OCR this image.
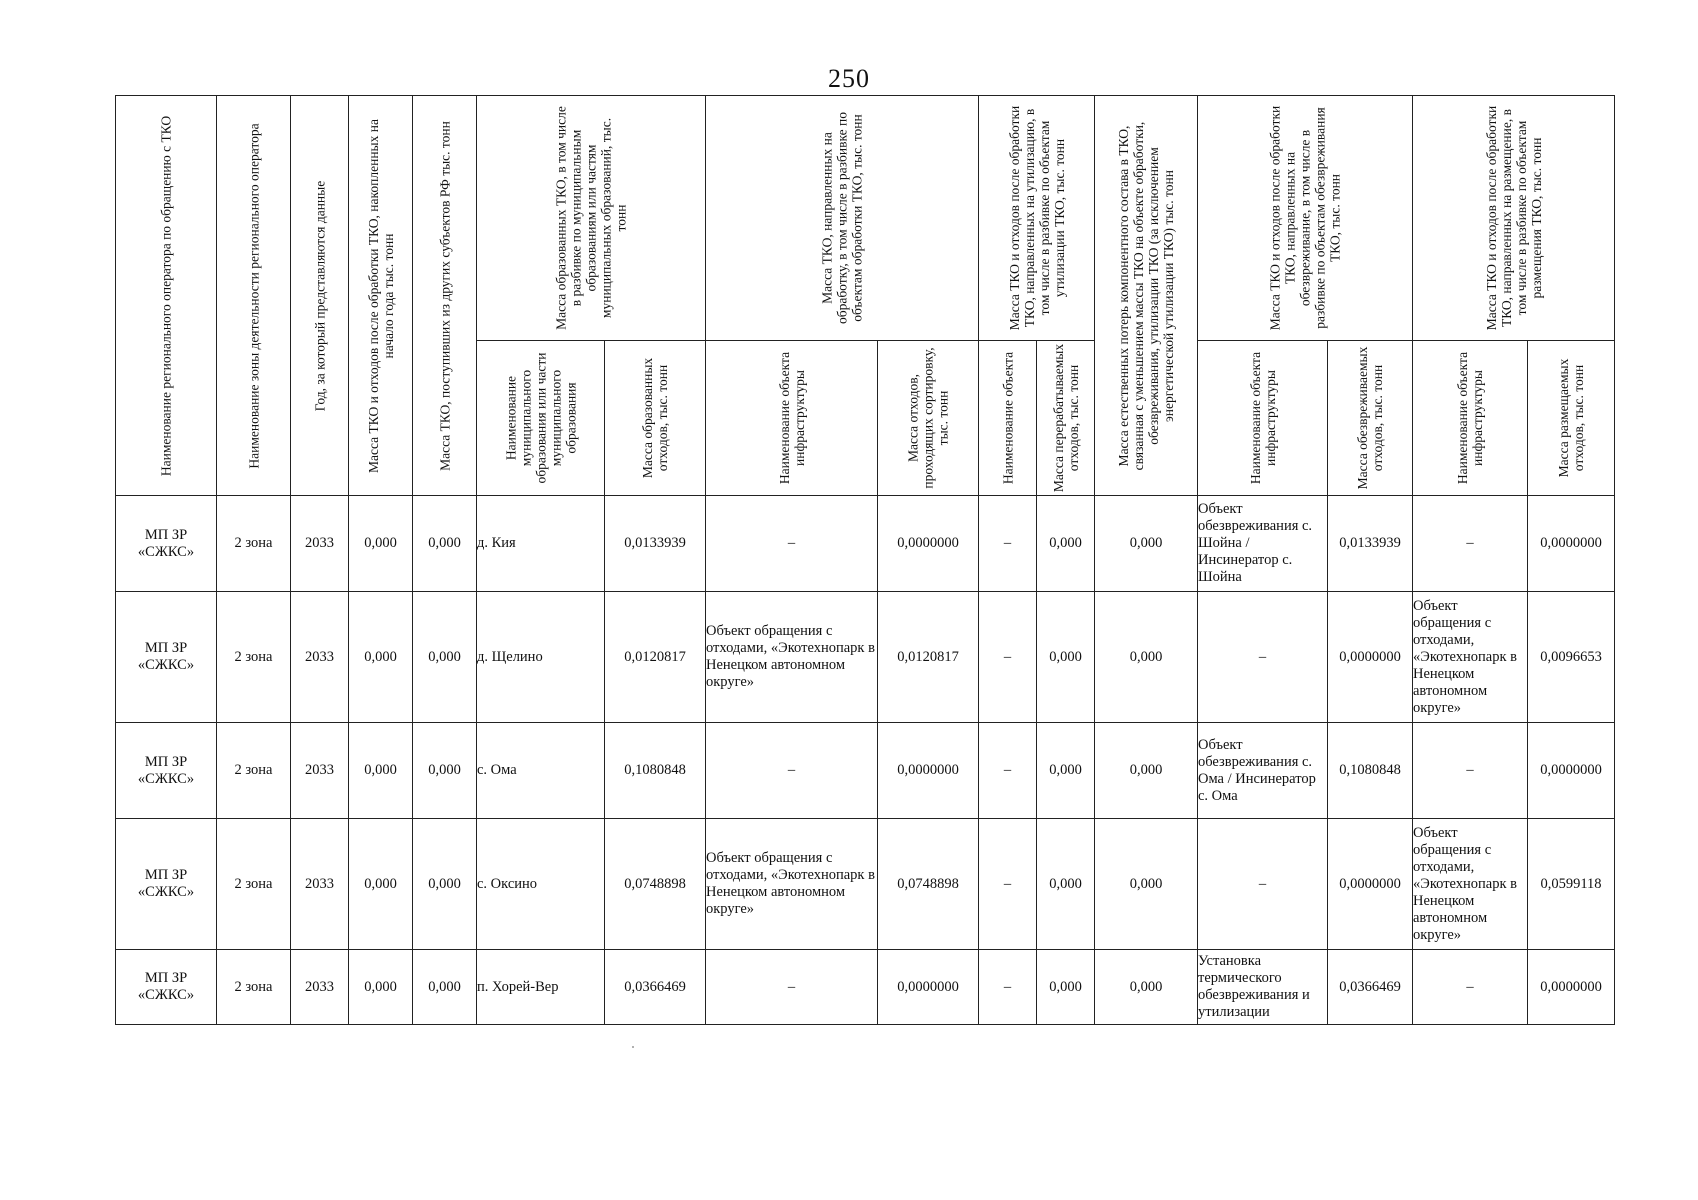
250
Наименование регионального оператора по обращению с ТКО	Наименование зоны деятельности регионального оператора	Год, за который представляются данные	Масса ТКО и отходов после обработки ТКО, накопленных на начало года тыс. тонн	Масса ТКО, поступивших из других субъектов РФ тыс. тонн	Масса образованных ТКО, в том числе в разбивке по муниципальным образованиям или частям муниципальных образований, тыс. тонн		Масса ТКО, направленных на обработку, в том числе в разбивке по объектам обработки ТКО, тыс. тонн		Масса ТКО и отходов после обработки ТКО, направленных на утилизацию, в том числе в разбивке по объектам утилизации ТКО, тыс. тонн		Масса естественных потерь компонентного состава в ТКО, связанная с уменьшением массы ТКО на объекте обработки, обезвреживания, утилизации ТКО (за исключением энергетической утилизации ТКО) тыс. тонн	Масса ТКО и отходов после обработки ТКО, направленных на обезвреживание, в том числе в разбивке по объектам обезвреживания ТКО, тыс. тонн		Масса ТКО и отходов после обработки ТКО, направленных на размещение, в том числе в разбивке по объектам размещения ТКО, тыс. тонн	

					Наименование муниципального образования или части муниципального образования	Масса образованных отходов, тыс. тонн	Наименование объекта инфраструктуры	Масса отходов, проходящих сортировку, тыс. тонн	Наименование объекта	Масса перерабатываемых отходов, тыс. тонн		Наименование объекта инфраструктуры	Масса обезвреживаемых отходов, тыс. тонн	Наименование объекта инфраструктуры	Масса размещаемых отходов, тыс. тонн

МП ЗР «СЖКС»	2 зона	2033	0,000	0,000	д. Кия	0,0133939	–	0,0000000	–	0,000	0,000	Объект обезвреживания с. Шойна / Инсинератор с. Шойна	0,0133939	–	0,0000000
МП ЗР «СЖКС»	2 зона	2033	0,000	0,000	д. Щелино	0,0120817	Объект обращения с отходами, «Экотехнопарк в Ненецком автономном округе»	0,0120817	–	0,000	0,000	–	0,0000000	Объект обращения с отходами, «Экотехнопарк в Ненецком автономном округе»	0,0096653
МП ЗР «СЖКС»	2 зона	2033	0,000	0,000	с. Ома	0,1080848	–	0,0000000	–	0,000	0,000	Объект обезвреживания с. Ома / Инсинератор с. Ома	0,1080848	–	0,0000000
МП ЗР «СЖКС»	2 зона	2033	0,000	0,000	с. Оксино	0,0748898	Объект обращения с отходами, «Экотехнопарк в Ненецком автономном округе»	0,0748898	–	0,000	0,000	–	0,0000000	Объект обращения с отходами, «Экотехнопарк в Ненецком автономном округе»	0,0599118
МП ЗР «СЖКС»	2 зона	2033	0,000	0,000	п. Хорей-Вер	0,0366469	–	0,0000000	–	0,000	0,000	Установка термического обезвреживания и утилизации	0,0366469	–	0,0000000
